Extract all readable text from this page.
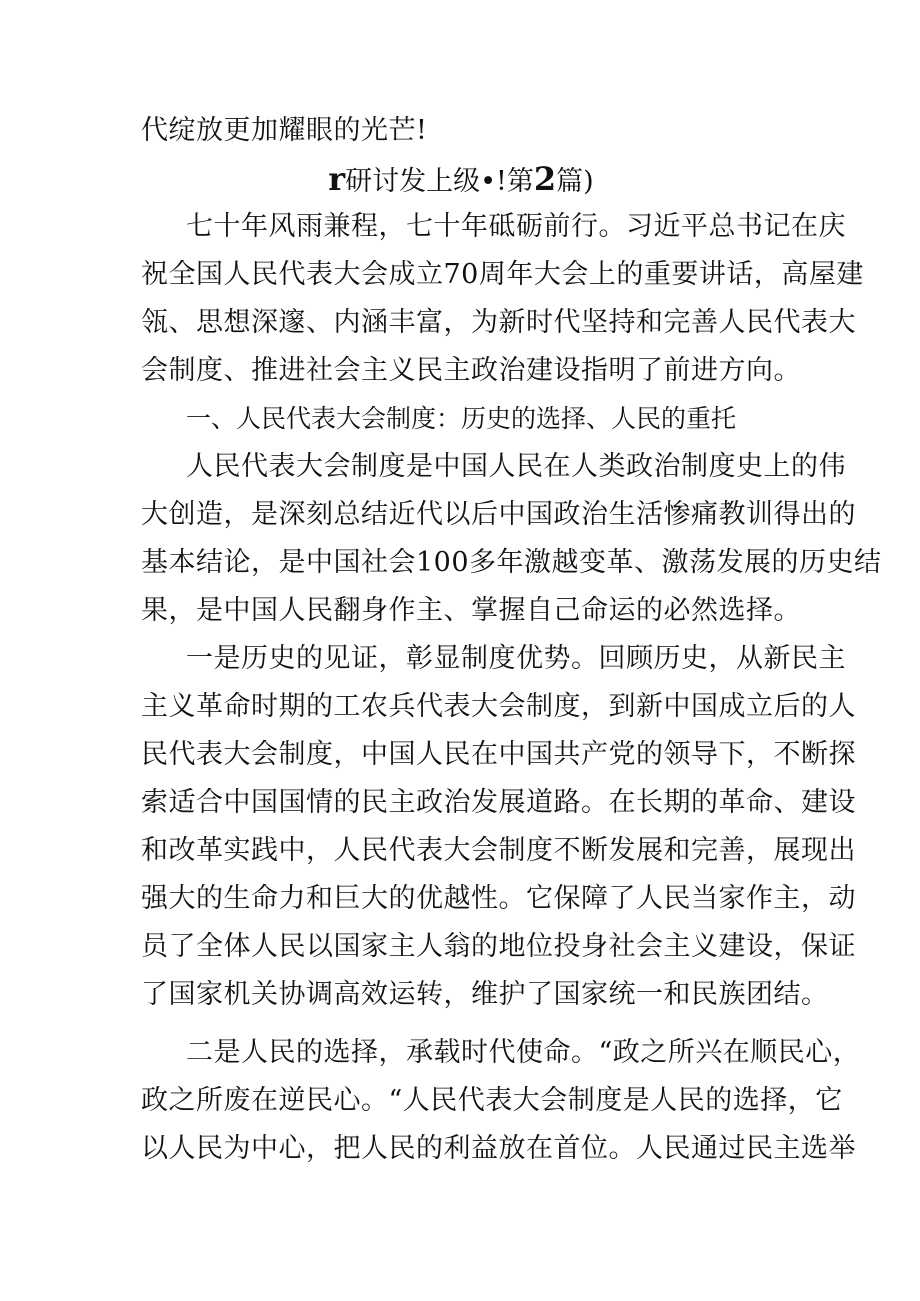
代绽放更加耀眼的光芒!
r研讨发上级•!第2篇)
七十年风雨兼程，七十年砥砺前行。习近平总书记在庆
祝全国人民代表大会成立70周年大会上的重要讲话，高屋建
瓴、思想深邃、内涵丰富，为新时代坚持和完善人民代表大
会制度、推进社会主义民主政治建设指明了前进方向。
一、人民代表大会制度：历史的选择、人民的重托
人民代表大会制度是中国人民在人类政治制度史上的伟
大创造，是深刻总结近代以后中国政治生活惨痛教训得出的
基本结论，是中国社会100多年激越变革、激荡发展的历史结
果，是中国人民翻身作主、掌握自己命运的必然选择。
一是历史的见证，彰显制度优势。回顾历史，从新民主
主义革命时期的工农兵代表大会制度，到新中国成立后的人
民代表大会制度，中国人民在中国共产党的领导下，不断探
索适合中国国情的民主政治发展道路。在长期的革命、建设
和改革实践中，人民代表大会制度不断发展和完善，展现出
强大的生命力和巨大的优越性。它保障了人民当家作主，动
员了全体人民以国家主人翁的地位投身社会主义建设，保证
了国家机关协调高效运转，维护了国家统一和民族团结。
二是人民的选择，承载时代使命。“政之所兴在顺民心，
政之所废在逆民心。“人民代表大会制度是人民的选择，它
以人民为中心，把人民的利益放在首位。人民通过民主选举
